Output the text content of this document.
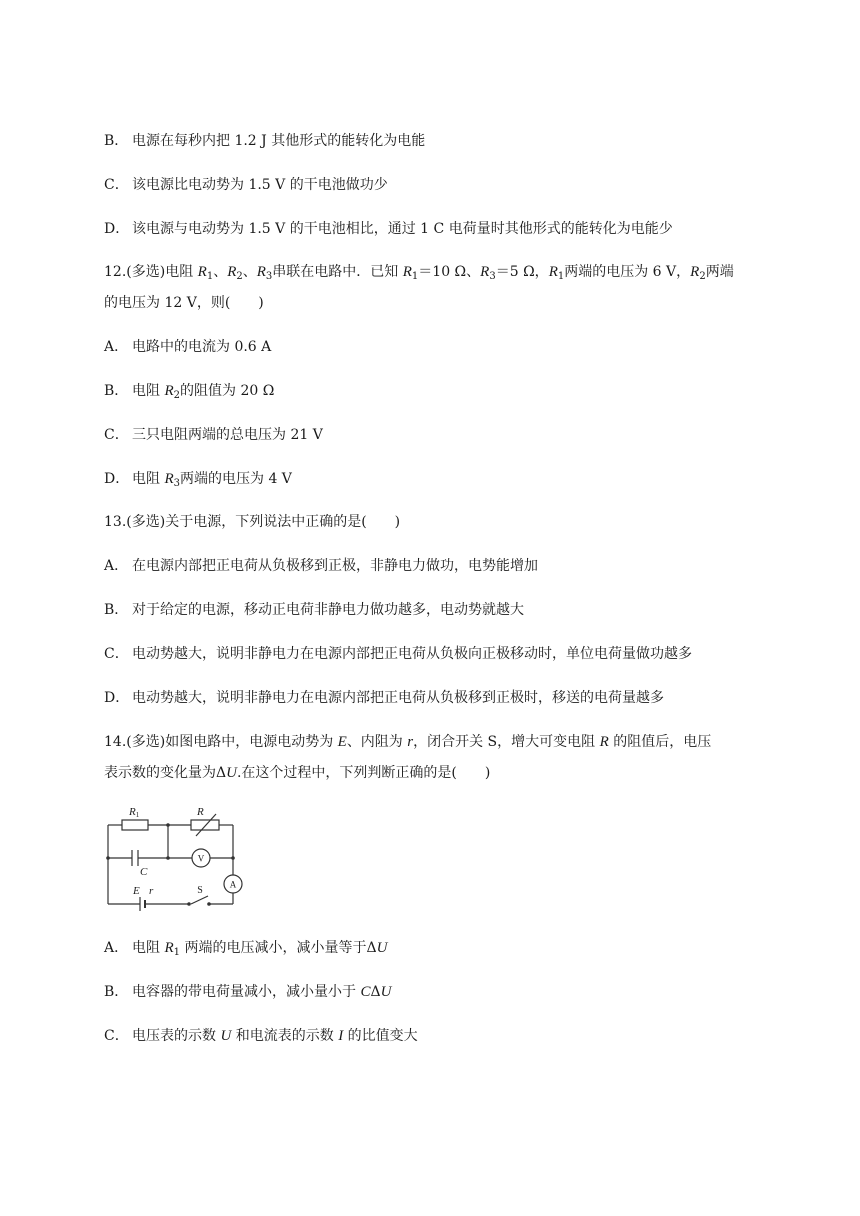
B． 电源在每秒内把 1.2 J 其他形式的能转化为电能
C． 该电源比电动势为 1.5 V 的干电池做功少
D． 该电源与电动势为 1.5 V 的干电池相比，通过 1 C 电荷量时其他形式的能转化为电能少
12.(多选)电阻 $R_1$、$R_2$、$R_3$串联在电路中．已知 $R_1=10$ Ω、$R_3=5$ Ω，$R_1$两端的电压为 6 V，$R_2$两端
的电压为 12 V，则(　　)
A． 电路中的电流为 0.6 A
B． 电阻 $R_2$的阻值为 20 Ω
C． 三只电阻两端的总电压为 21 V
D． 电阻 $R_3$两端的电压为 4 V
13.(多选)关于电源，下列说法中正确的是(　　)
A． 在电源内部把正电荷从负极移到正极，非静电力做功，电势能增加
B． 对于给定的电源，移动正电荷非静电力做功越多，电动势就越大
C． 电动势越大，说明非静电力在电源内部把正电荷从负极向正极移动时，单位电荷量做功越多
D． 电动势越大，说明非静电力在电源内部把正电荷从负极移到正极时，移送的电荷量越多
14.(多选)如图电路中，电源电动势为 E、内阻为 r，闭合开关 S，增大可变电阻 R 的阻值后，电压
表示数的变化量为ΔU.在这个过程中，下列判断正确的是(　　)
R1	R
C
E r
V
A
S
A． 电阻 $R_1$ 两端的电压减小，减小量等于ΔU
B． 电容器的带电荷量减小，减小量小于 CΔU
C． 电压表的示数 U 和电流表的示数 I 的比值变大
